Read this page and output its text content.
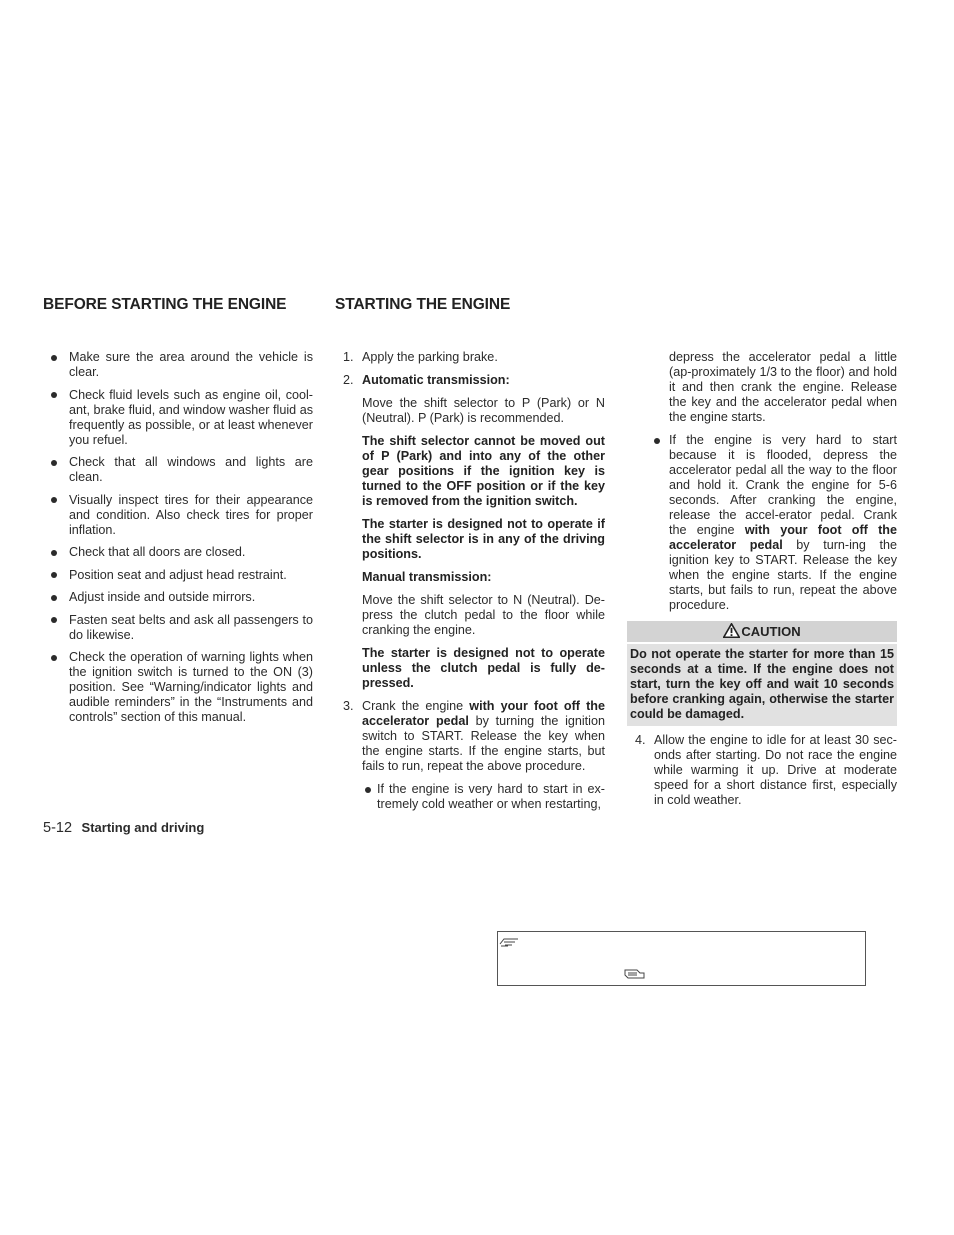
BEFORE STARTING THE ENGINE	STARTING THE ENGINE
Make sure the area around the vehicle is clear.
Check fluid levels such as engine oil, cool-ant, brake fluid, and window washer fluid as frequently as possible, or at least whenever you refuel.
Check that all windows and lights are clean.
Visually inspect tires for their appearance and condition. Also check tires for proper inflation.
Check that all doors are closed.
Position seat and adjust head restraint.
Adjust inside and outside mirrors.
Fasten seat belts and ask all passengers to do likewise.
Check the operation of warning lights when the ignition switch is turned to the ON (3) position. See “Warning/indicator lights and audible reminders” in the “Instruments and controls” section of this manual.
1. Apply the parking brake.
2. Automatic transmission:

Move the shift selector to P (Park) or N (Neutral). P (Park) is recommended.

The shift selector cannot be moved out of P (Park) and into any of the other gear positions if the ignition key is turned to the OFF position or if the key is removed from the ignition switch.

The starter is designed not to operate if the shift selector is in any of the driving positions.

Manual transmission:

Move the shift selector to N (Neutral). De-press the clutch pedal to the floor while cranking the engine.

The starter is designed not to operate unless the clutch pedal is fully de-pressed.

3. Crank the engine with your foot off the accelerator pedal by turning the ignition switch to START. Release the key when the engine starts. If the engine starts, but fails to run, repeat the above procedure.
If the engine is very hard to start in ex-tremely cold weather or when restarting,

depress the accelerator pedal a little (ap-proximately 1/3 to the floor) and hold it and then crank the engine. Release the key and the accelerator pedal when the engine starts.

If the engine is very hard to start because it is flooded, depress the accelerator pedal all the way to the floor and hold it. Crank the engine for 5-6 seconds. After cranking the engine, release the accel-erator pedal. Crank the engine with your foot off the accelerator pedal by turn-ing the ignition key to START. Release the key when the engine starts. If the engine starts, but fails to run, repeat the above procedure.
CAUTION
Do not operate the starter for more than 15 seconds at a time. If the engine does not start, turn the key off and wait 10 seconds before cranking again, otherwise the starter could be damaged.
4. Allow the engine to idle for at least 30 sec-onds after starting. Do not race the engine while warming it up. Drive at moderate speed for a short distance first, especially in cold weather.
5-12 Starting and driving
